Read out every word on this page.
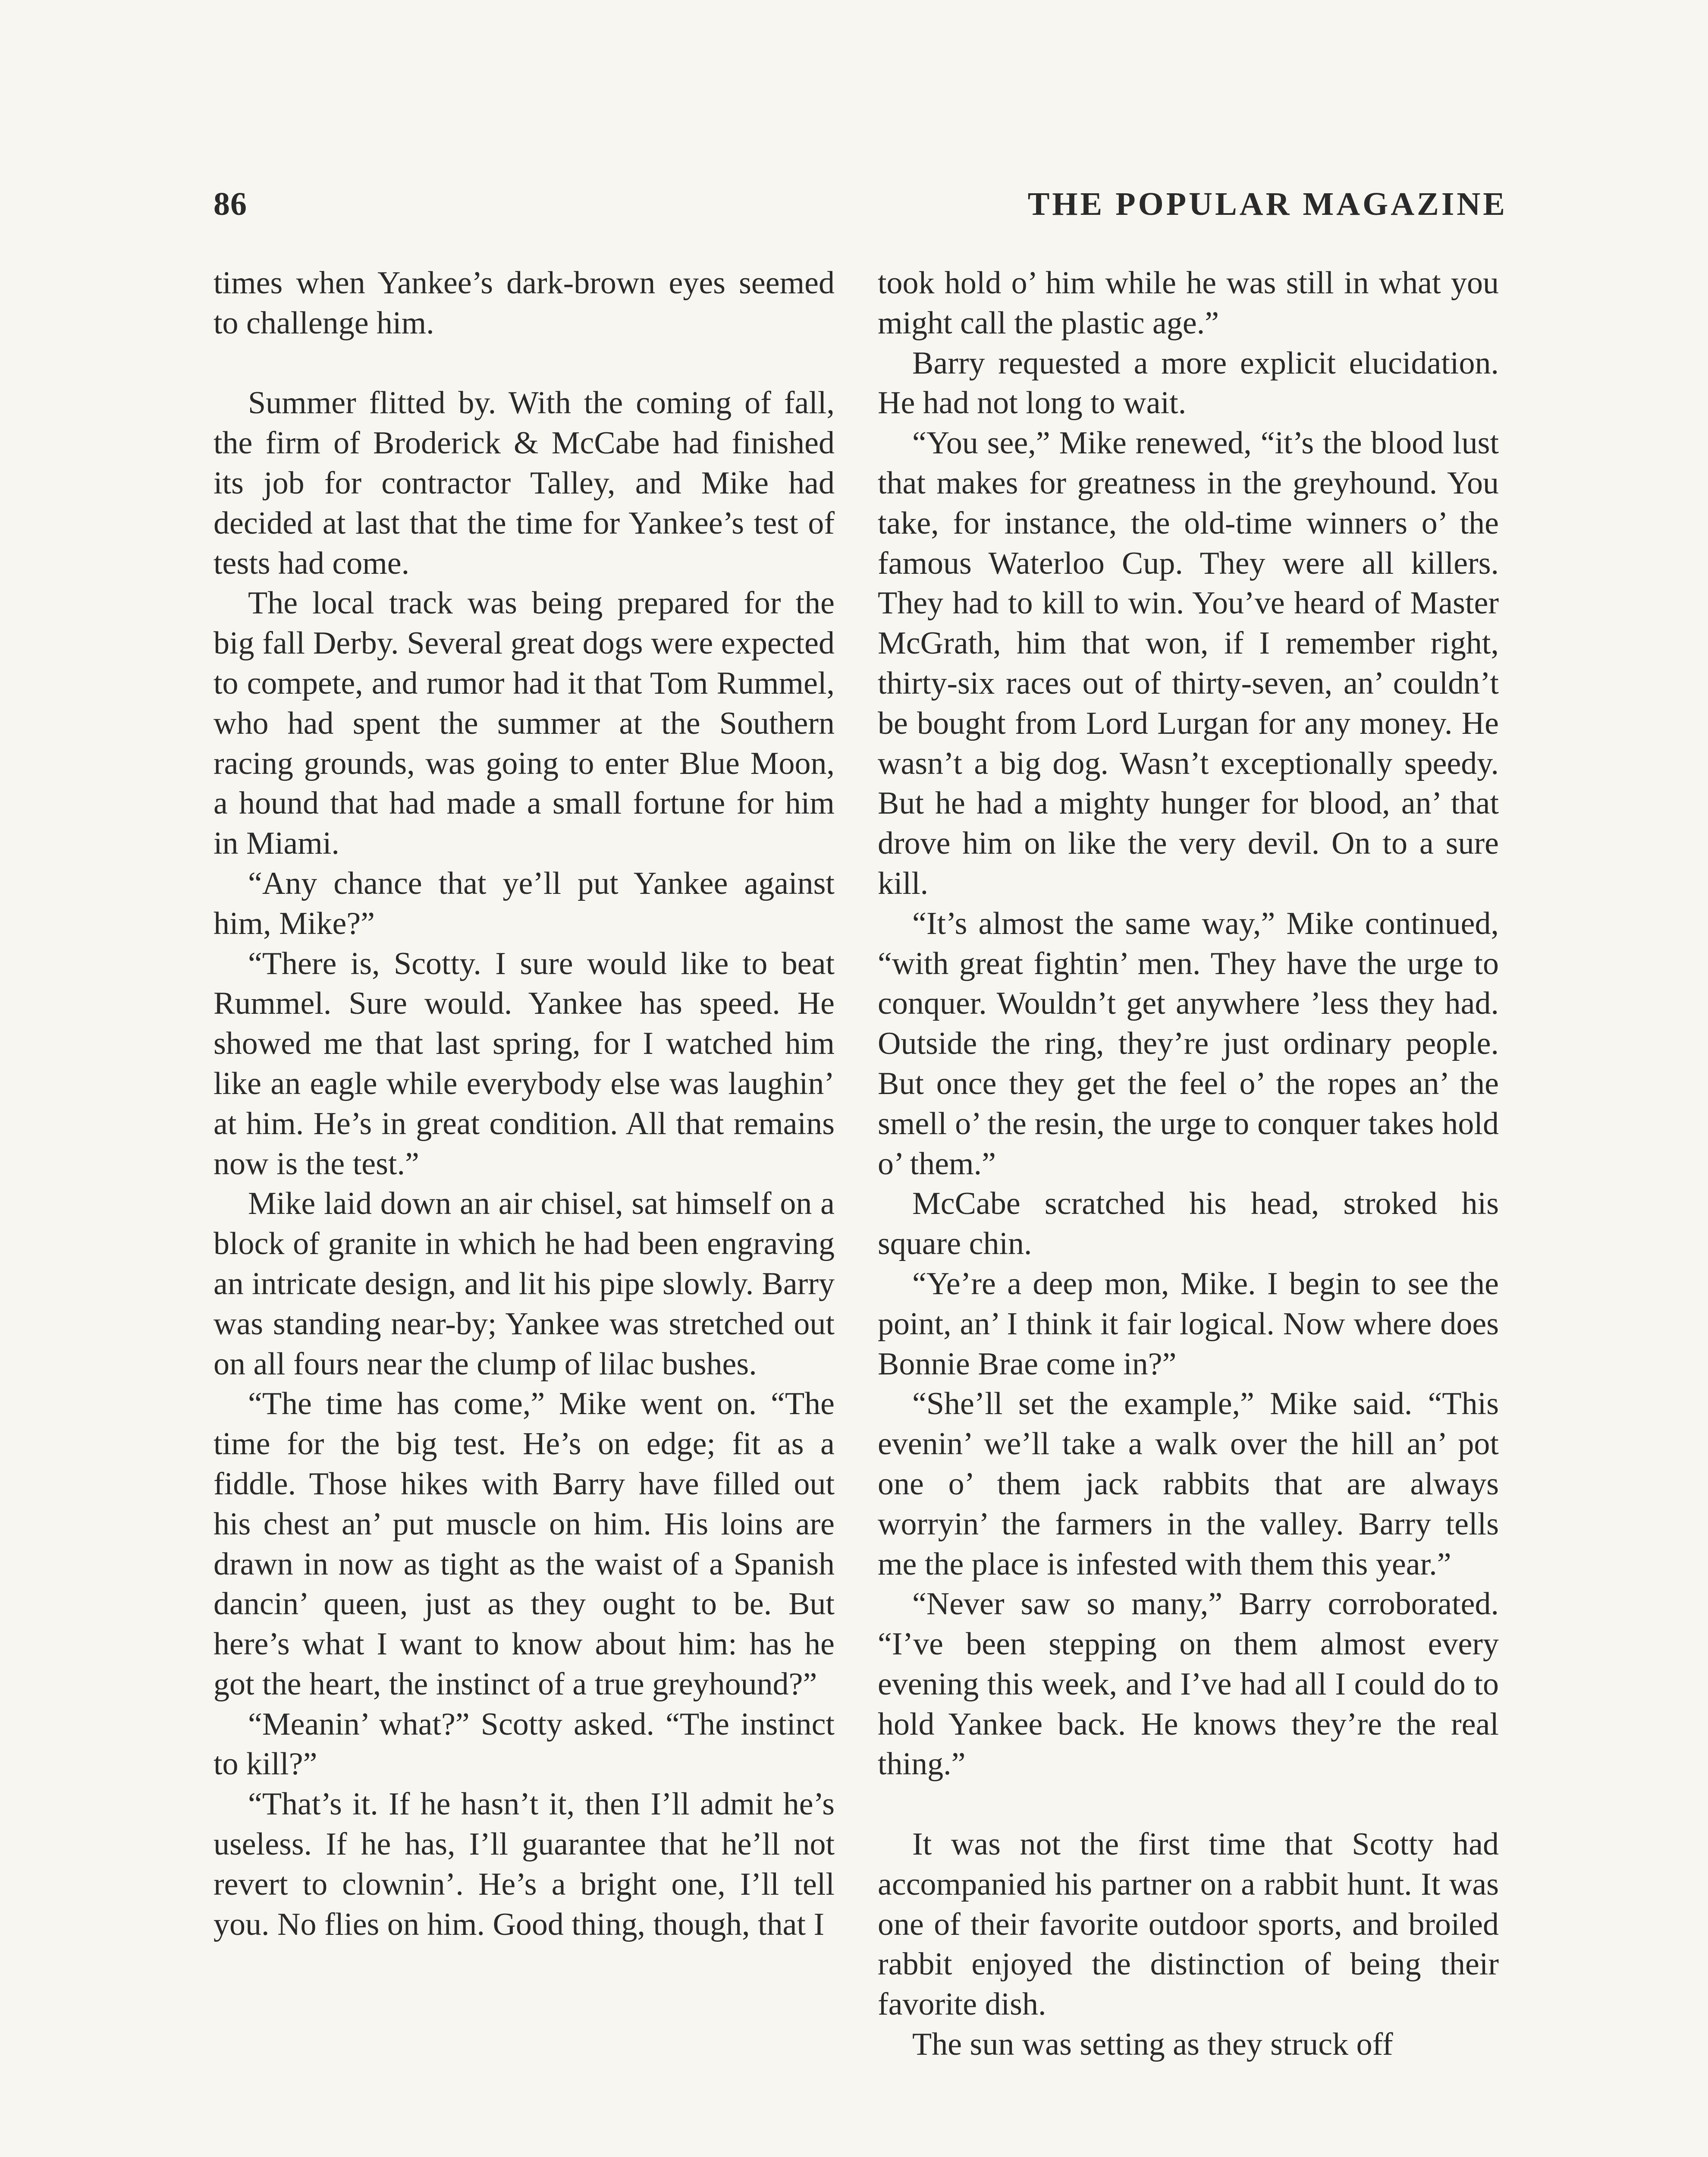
86	THE POPULAR MAGAZINE

times when Yankee’s dark-brown eyes seemed to challenge him.

Summer flitted by. With the coming of fall, the firm of Broderick & McCabe had finished its job for contractor Talley, and Mike had decided at last that the time for Yankee’s test of tests had come.

The local track was being prepared for the big fall Derby. Several great dogs were expected to compete, and rumor had it that Tom Rummel, who had spent the summer at the Southern racing grounds, was going to enter Blue Moon, a hound that had made a small fortune for him in Miami.

“Any chance that ye’ll put Yankee against him, Mike?”

“There is, Scotty. I sure would like to beat Rummel. Sure would. Yankee has speed. He showed me that last spring, for I watched him like an eagle while everybody else was laughin’ at him. He’s in great condition. All that remains now is the test.”

Mike laid down an air chisel, sat himself on a block of granite in which he had been engraving an intricate design, and lit his pipe slowly. Barry was standing near-by; Yankee was stretched out on all fours near the clump of lilac bushes.

“The time has come,” Mike went on. “The time for the big test. He’s on edge; fit as a fiddle. Those hikes with Barry have filled out his chest an’ put muscle on him. His loins are drawn in now as tight as the waist of a Spanish dancin’ queen, just as they ought to be. But here’s what I want to know about him: has he got the heart, the instinct of a true greyhound?”

“Meanin’ what?” Scotty asked. “The instinct to kill?”

“That’s it. If he hasn’t it, then I’ll admit he’s useless. If he has, I’ll guarantee that he’ll not revert to clownin’. He’s a bright one, I’ll tell you. No flies on him. Good thing, though, that I

took hold o’ him while he was still in what you might call the plastic age.”

Barry requested a more explicit elucidation. He had not long to wait.

“You see,” Mike renewed, “it’s the blood lust that makes for greatness in the greyhound. You take, for instance, the old-time winners o’ the famous Waterloo Cup. They were all killers. They had to kill to win. You’ve heard of Master McGrath, him that won, if I remember right, thirty-six races out of thirty-seven, an’ couldn’t be bought from Lord Lurgan for any money. He wasn’t a big dog. Wasn’t exceptionally speedy. But he had a mighty hunger for blood, an’ that drove him on like the very devil. On to a sure kill.

“It’s almost the same way,” Mike continued, “with great fightin’ men. They have the urge to conquer. Wouldn’t get anywhere ’less they had. Outside the ring, they’re just ordinary people. But once they get the feel o’ the ropes an’ the smell o’ the resin, the urge to conquer takes hold o’ them.”

McCabe scratched his head, stroked his square chin.

“Ye’re a deep mon, Mike. I begin to see the point, an’ I think it fair logical. Now where does Bonnie Brae come in?”

“She’ll set the example,” Mike said. “This evenin’ we’ll take a walk over the hill an’ pot one o’ them jack rabbits that are always worryin’ the farmers in the valley. Barry tells me the place is infested with them this year.”

“Never saw so many,” Barry corroborated. “I’ve been stepping on them almost every evening this week, and I’ve had all I could do to hold Yankee back. He knows they’re the real thing.”

It was not the first time that Scotty had accompanied his partner on a rabbit hunt. It was one of their favorite outdoor sports, and broiled rabbit enjoyed the distinction of being their favorite dish.

The sun was setting as they struck off
